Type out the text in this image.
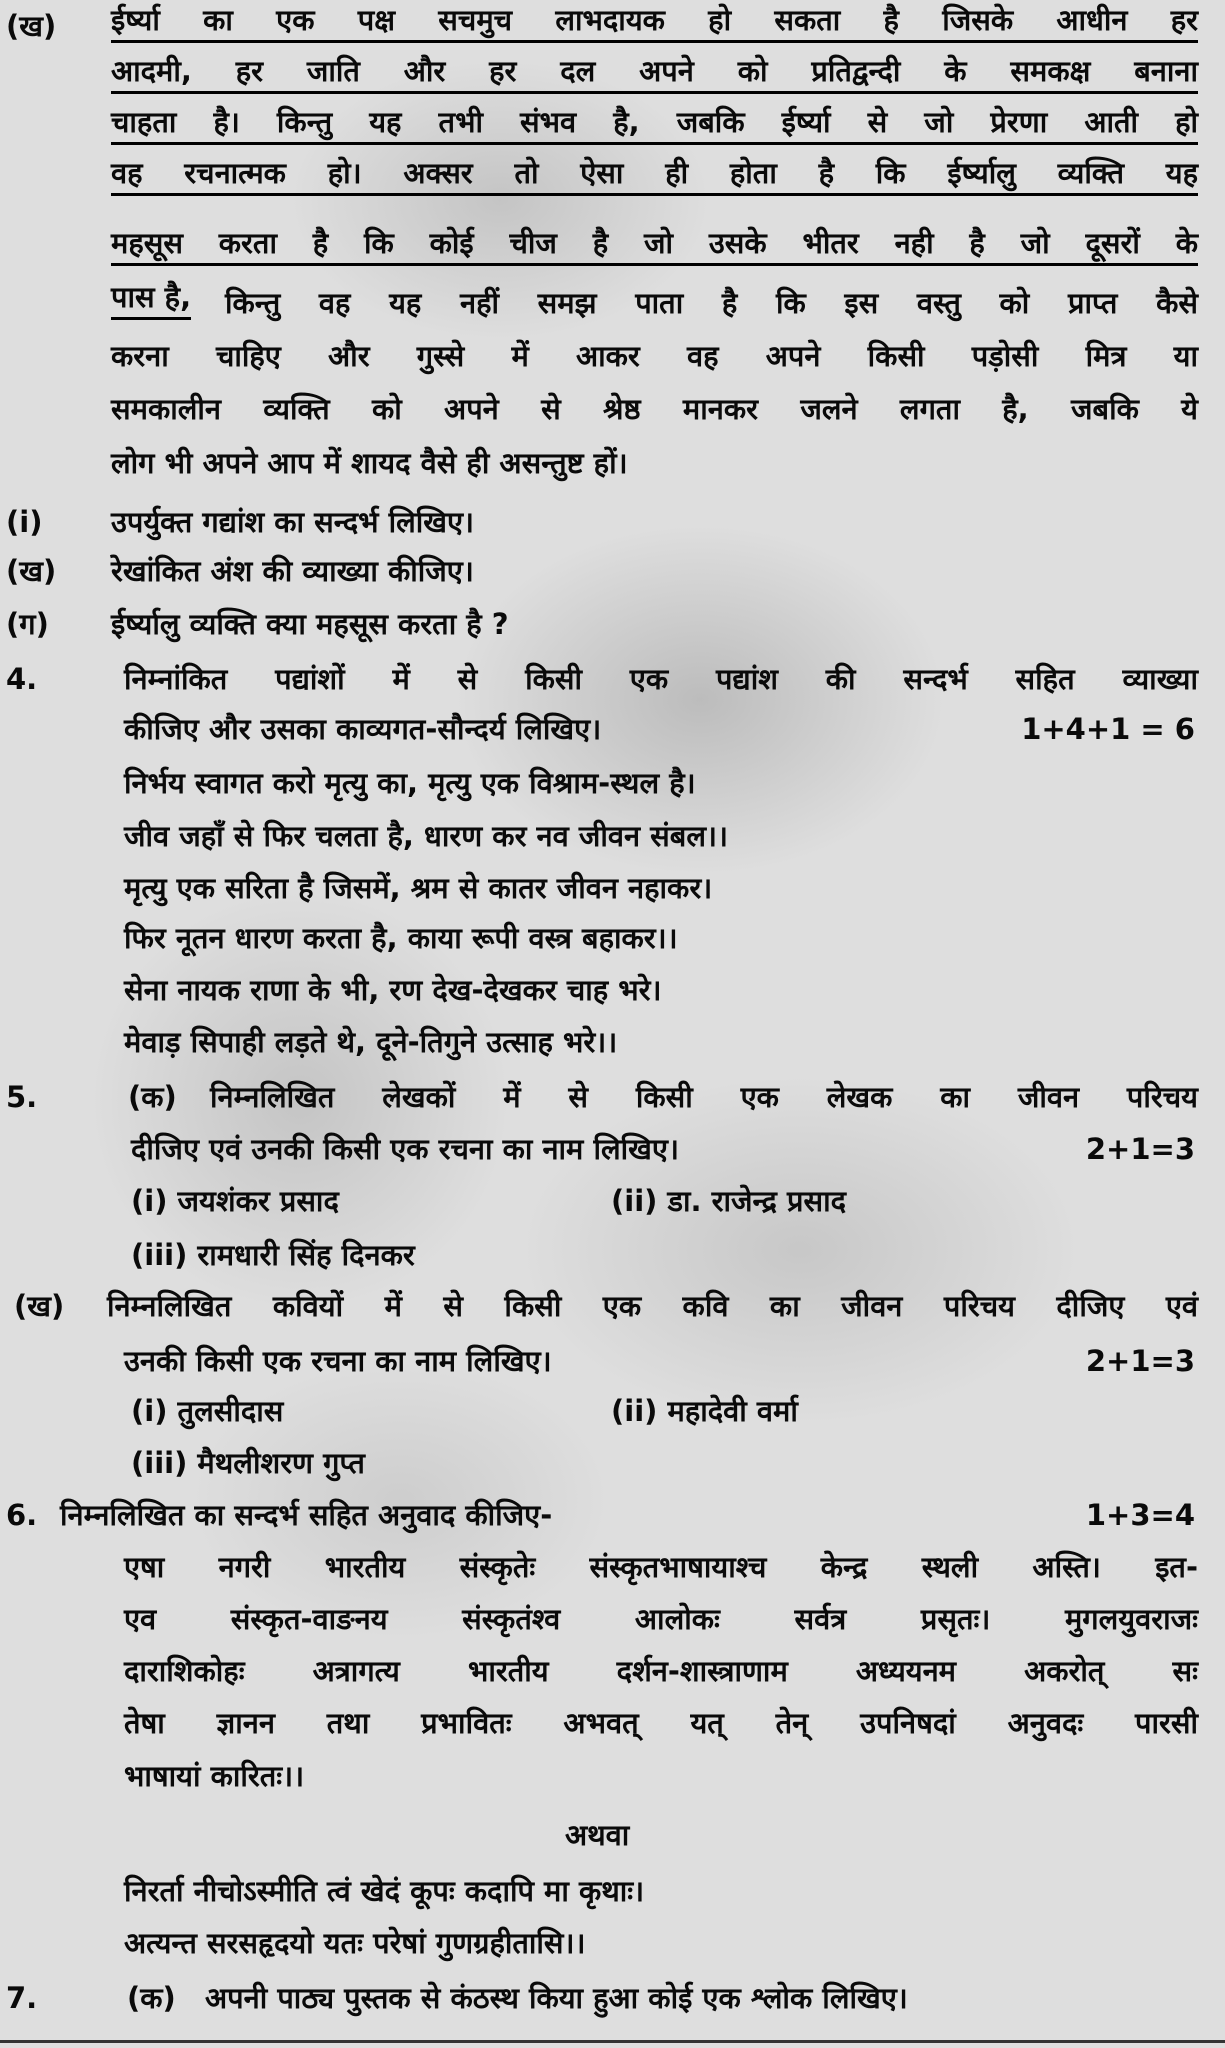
(ख) ईर्ष्या का एक पक्ष सचमुच लाभदायक हो सकता है जिसके आधीन हर
आदमी, हर जाति और हर दल अपने को प्रतिद्वन्दी के समकक्ष बनाना
चाहता है। किन्तु यह तभी संभव है, जबकि ईर्ष्या से जो प्रेरणा आती हो
वह रचनात्मक हो। अक्सर तो ऐसा ही होता है कि ईर्ष्यालु व्यक्ति यह
महसूस करता है कि कोई चीज है जो उसके भीतर नही है जो दूसरों के
पास है, किन्तु वह यह नहीं समझ पाता है कि इस वस्तु को प्राप्त कैसे
करना चाहिए और गुस्से में आकर वह अपने किसी पड़ोसी मित्र या
समकालीन व्यक्ति को अपने से श्रेष्ठ मानकर जलने लगता है, जबकि ये
लोग भी अपने आप में शायद वैसे ही असन्तुष्ट हों।
(i) उपर्युक्त गद्यांश का सन्दर्भ लिखिए।
(ख) रेखांकित अंश की व्याख्या कीजिए।
(ग) ईर्ष्यालु व्यक्ति क्या महसूस करता है ?
4.	निम्नांकित पद्यांशों में से किसी एक पद्यांश की सन्दर्भ सहित व्याख्या
कीजिए और उसका काव्यगत-सौन्दर्य लिखिए।	1+4+1 = 6
निर्भय स्वागत करो मृत्यु का, मृत्यु एक विश्राम-स्थल है।
जीव जहाँ से फिर चलता है, धारण कर नव जीवन संबल।।
मृत्यु एक सरिता है जिसमें, श्रम से कातर जीवन नहाकर।
फिर नूतन धारण करता है, काया रूपी वस्त्र बहाकर।।
सेना नायक राणा के भी, रण देख-देखकर चाह भरे।
मेवाड़ सिपाही लड़ते थे, दूने-तिगुने उत्साह भरे।।
5.	(क) निम्नलिखित लेखकों में से किसी एक लेखक का जीवन परिचय
दीजिए एवं उनकी किसी एक रचना का नाम लिखिए।	2+1=3
(i) जयशंकर प्रसाद	(ii) डा. राजेन्द्र प्रसाद
(iii) रामधारी सिंह दिनकर
(ख) निम्नलिखित कवियों में से किसी एक कवि का जीवन परिचय दीजिए एवं
उनकी किसी एक रचना का नाम लिखिए।	2+1=3
(i) तुलसीदास	(ii) महादेवी वर्मा
(iii) मैथलीशरण गुप्त
6. निम्नलिखित का सन्दर्भ सहित अनुवाद कीजिए-	1+3=4
एषा नगरी भारतीय संस्कृतेः संस्कृतभाषायाश्च केन्द्र स्थली अस्ति। इत-
एव संस्कृत-वाङनय संस्कृतंश्व आलोकः सर्वत्र प्रसृतः। मुगलयुवराजः
दाराशिकोहः अत्रागत्य भारतीय दर्शन-शास्त्राणाम अध्ययनम अकरोत् सः
तेषा ज्ञानन तथा प्रभावितः अभवत् यत् तेन् उपनिषदां अनुवदः पारसी
भाषायां कारितः।।
अथवा
निरर्ता नीचोऽस्मीति त्वं खेदं कूपः कदापि मा कृथाः।
अत्यन्त सरसहृदयो यतः परेषां गुणग्रहीतासि।।
7.	(क) अपनी पाठ्य पुस्तक से कंठस्थ किया हुआ कोई एक श्लोक लिखिए।
